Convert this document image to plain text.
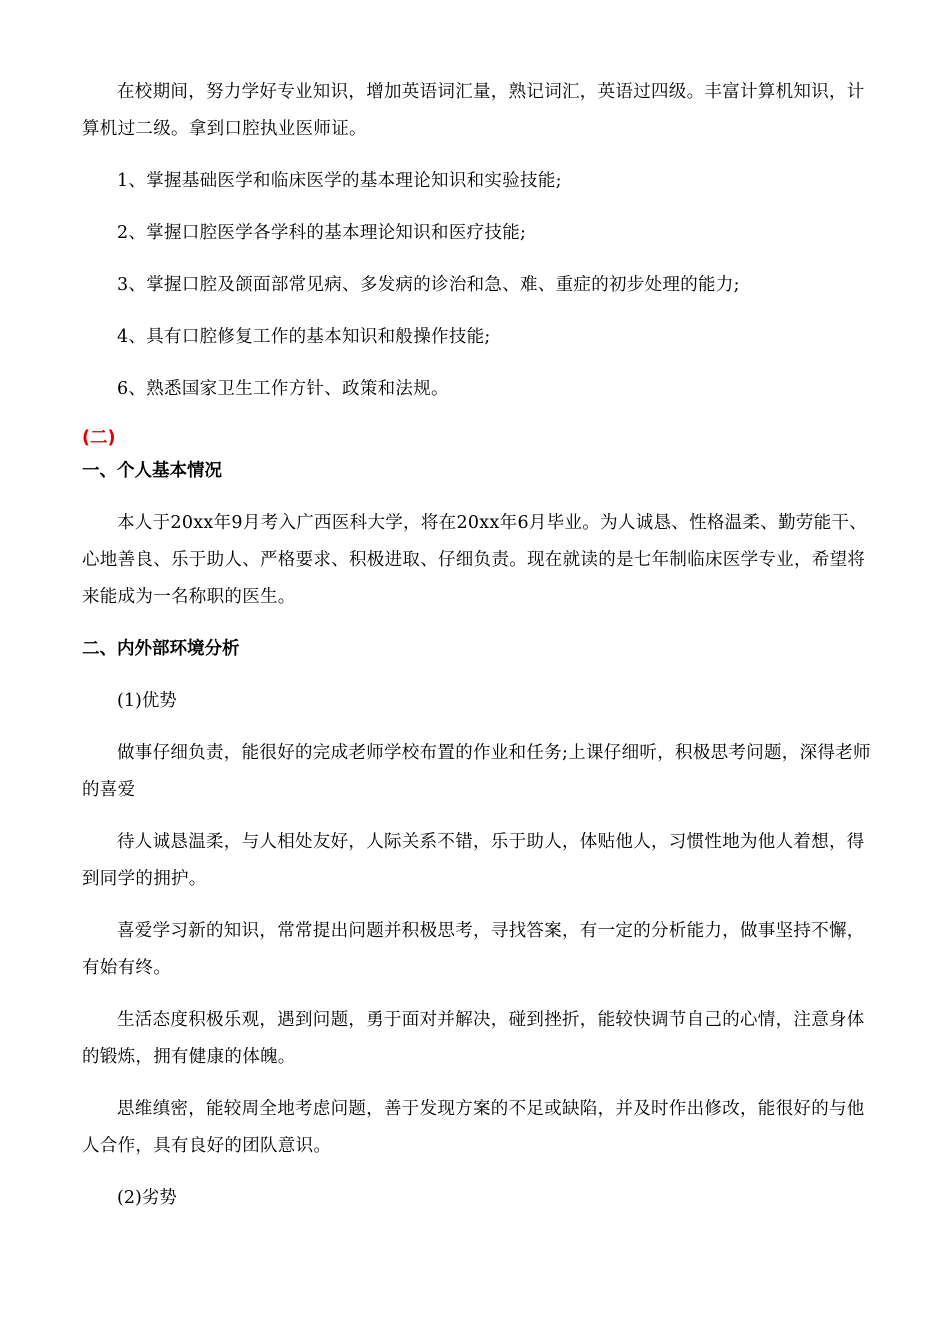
在校期间，努力学好专业知识，增加英语词汇量，熟记词汇，英语过四级。丰富计算机知识，计算机过二级。拿到口腔执业医师证。

1、掌握基础医学和临床医学的基本理论知识和实验技能;

2、掌握口腔医学各学科的基本理论知识和医疗技能;

3、掌握口腔及颌面部常见病、多发病的诊治和急、难、重症的初步处理的能力;

4、具有口腔修复工作的基本知识和般操作技能;

6、熟悉国家卫生工作方针、政策和法规。

(二)

一、个人基本情况

本人于20xx年9月考入广西医科大学，将在20xx年6月毕业。为人诚恳、性格温柔、勤劳能干、心地善良、乐于助人、严格要求、积极进取、仔细负责。现在就读的是七年制临床医学专业，希望将来能成为一名称职的医生。

二、内外部环境分析

(1)优势

做事仔细负责，能很好的完成老师学校布置的作业和任务;上课仔细听，积极思考问题，深得老师的喜爱

待人诚恳温柔，与人相处友好，人际关系不错，乐于助人，体贴他人，习惯性地为他人着想，得到同学的拥护。

喜爱学习新的知识，常常提出问题并积极思考，寻找答案，有一定的分析能力，做事坚持不懈，有始有终。

生活态度积极乐观，遇到问题，勇于面对并解决，碰到挫折，能较快调节自己的心情，注意身体的锻炼，拥有健康的体魄。

思维缜密，能较周全地考虑问题，善于发现方案的不足或缺陷，并及时作出修改，能很好的与他人合作，具有良好的团队意识。

(2)劣势
